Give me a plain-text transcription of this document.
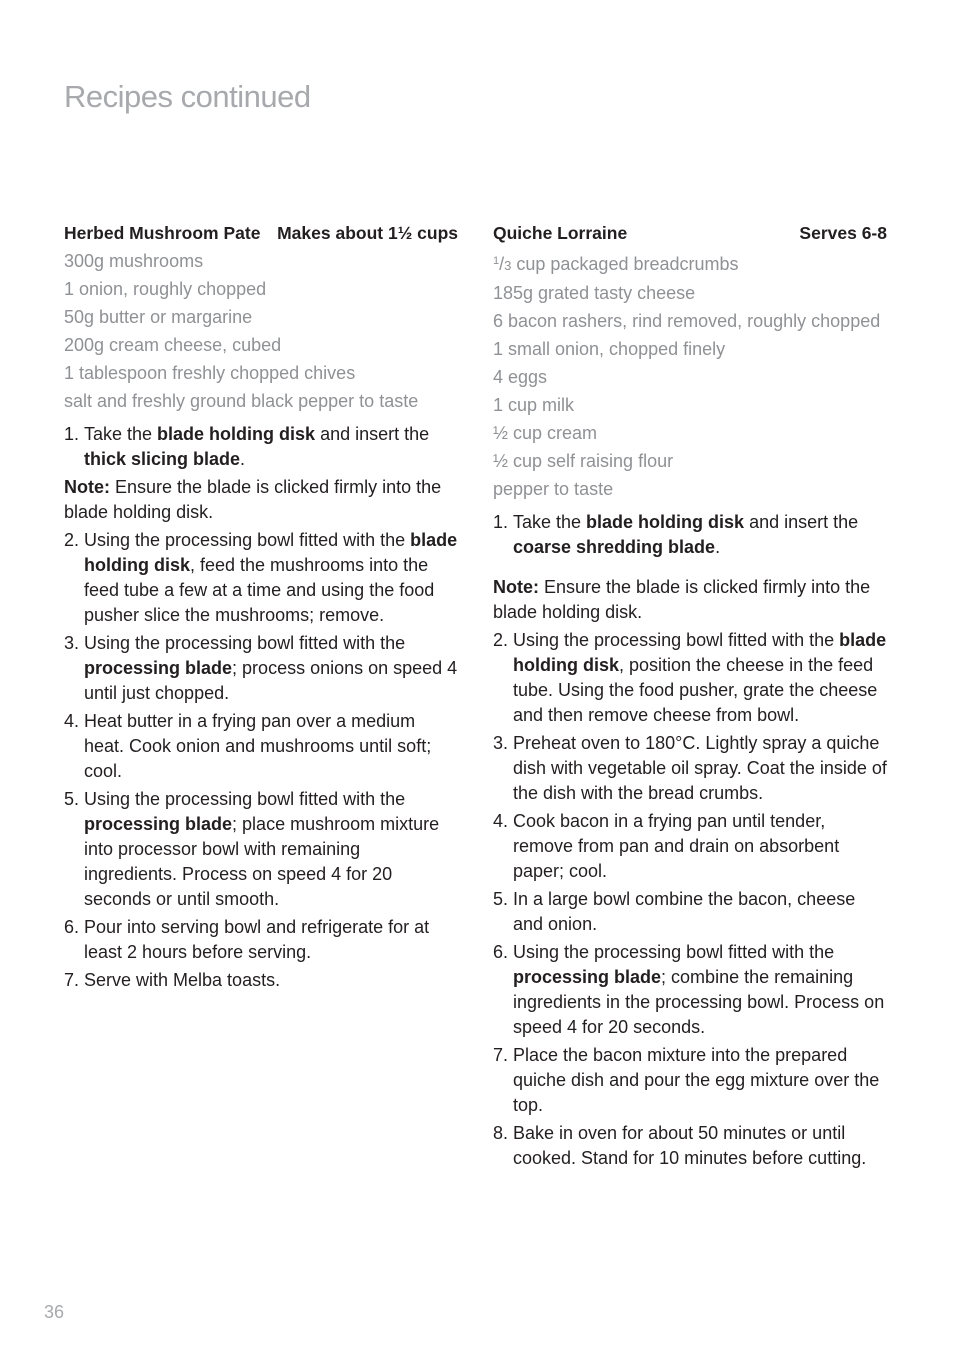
Recipes continued
Herbed Mushroom Pate Makes about 1½ cups
300g mushrooms
1 onion, roughly chopped
50g butter or margarine
200g cream cheese, cubed
1 tablespoon freshly chopped chives
salt and freshly ground black pepper to taste
1. Take the blade holding disk and insert the thick slicing blade.
Note: Ensure the blade is clicked firmly into the blade holding disk.
2. Using the processing bowl fitted with the blade holding disk, feed the mushrooms into the feed tube a few at a time and using the food pusher slice the mushrooms; remove.
3. Using the processing bowl fitted with the processing blade; process onions on speed 4 until just chopped.
4. Heat butter in a frying pan over a medium heat. Cook onion and mushrooms until soft; cool.
5. Using the processing bowl fitted with the processing blade; place mushroom mixture into processor bowl with remaining ingredients. Process on speed 4 for 20 seconds or until smooth.
6. Pour into serving bowl and refrigerate for at least 2 hours before serving.
7. Serve with Melba toasts.
Quiche Lorraine	Serves 6-8
$^1$/3 cup packaged breadcrumbs
185g grated tasty cheese
6 bacon rashers, rind removed, roughly chopped
1 small onion, chopped finely
4 eggs
1 cup milk
½ cup cream
½ cup self raising flour
pepper to taste
1. Take the blade holding disk and insert the coarse shredding blade.
Note: Ensure the blade is clicked firmly into the blade holding disk.
2. Using the processing bowl fitted with the blade holding disk, position the cheese in the feed tube. Using the food pusher, grate the cheese and then remove cheese from bowl.
3. Preheat oven to 180°C. Lightly spray a quiche dish with vegetable oil spray. Coat the inside of the dish with the bread crumbs.
4. Cook bacon in a frying pan until tender, remove from pan and drain on absorbent paper; cool.
5. In a large bowl combine the bacon, cheese and onion.
6. Using the processing bowl fitted with the processing blade; combine the remaining ingredients in the processing bowl. Process on speed 4 for 20 seconds.
7. Place the bacon mixture into the prepared quiche dish and pour the egg mixture over the top.
8. Bake in oven for about 50 minutes or until cooked. Stand for 10 minutes before cutting.
36
